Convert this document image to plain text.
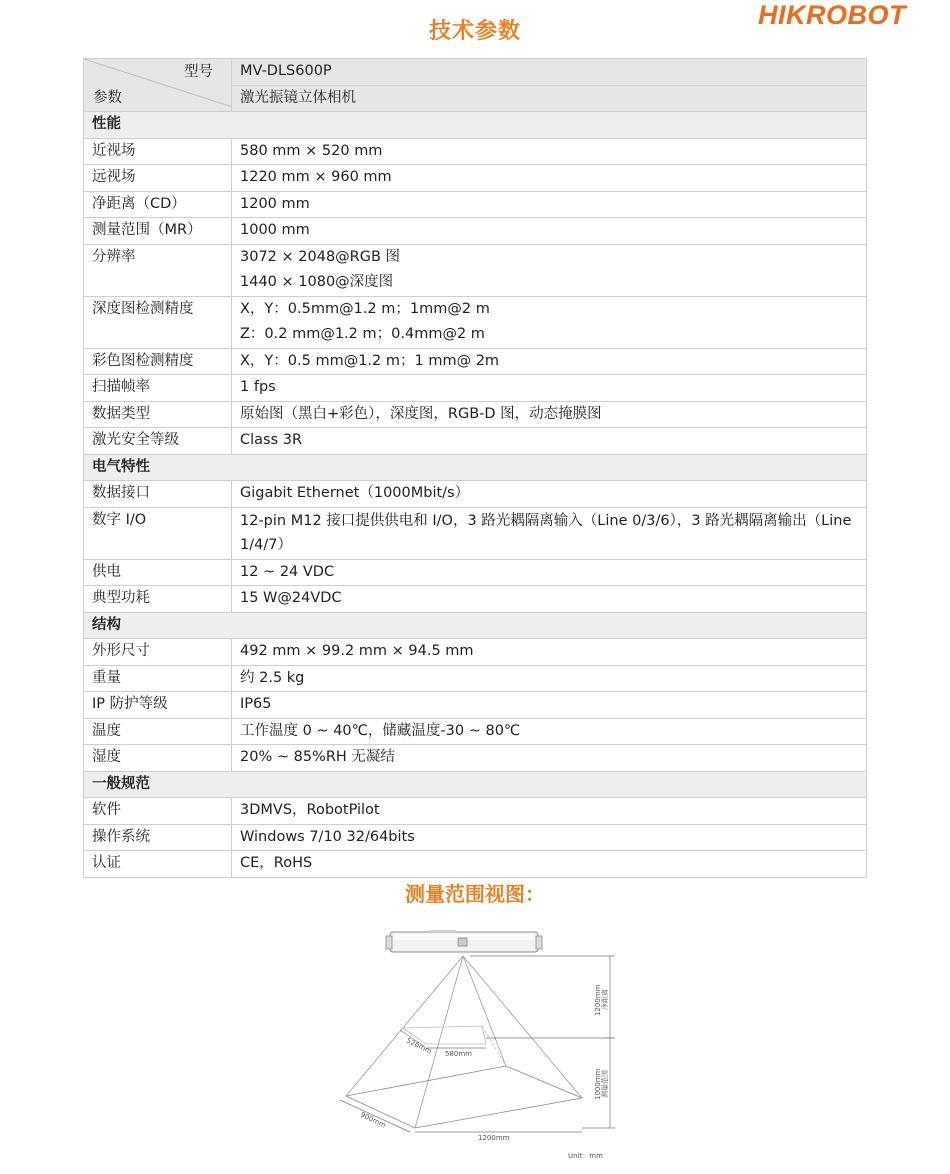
技术参数
HIKROBOT
型号
参数	MV-DLS600P
	激光振镜立体相机
性能	
近视场	580 mm × 520 mm

远视场	1220 mm × 960 mm

净距离（CD）	1200 mm

测量范围（MR）	1000 mm

分辨率	3072 × 2048@RGB 图
1440 × 1080@深度图

深度图检测精度	X，Y：0.5mm@1.2 m；1mm@2 m
Z：0.2 mm@1.2 m；0.4mm@2 m

彩色图检测精度	X，Y：0.5 mm@1.2 m；1 mm@ 2m

扫描帧率	1 fps

数据类型	原始图（黑白+彩色），深度图，RGB-D 图，动态掩膜图

激光安全等级	Class 3R

电气特性	
数据接口	Gigabit Ethernet（1000Mbit/s）

数字 I/O	12-pin M12 接口提供供电和 I/O，3 路光耦隔离输入（Line 0/3/6），3 路光耦隔离输出（Line 1/4/7）

供电	12 ~ 24 VDC

典型功耗	15 W@24VDC

结构	
外形尺寸	492 mm × 99.2 mm × 94.5 mm

重量	约 2.5 kg

IP 防护等级	IP65

温度	工作温度 0 ~ 40℃，储藏温度-30 ~ 80℃

湿度	20% ~ 85%RH 无凝结

一般规范	
软件	3DMVS，RobotPilot

操作系统	Windows 7/10 32/64bits

认证	CE，RoHS
测量范围视图：
520mm 580mm
900mm
1200mm
1200mm 净距离
1000mm 测量范围
Unit：mm
